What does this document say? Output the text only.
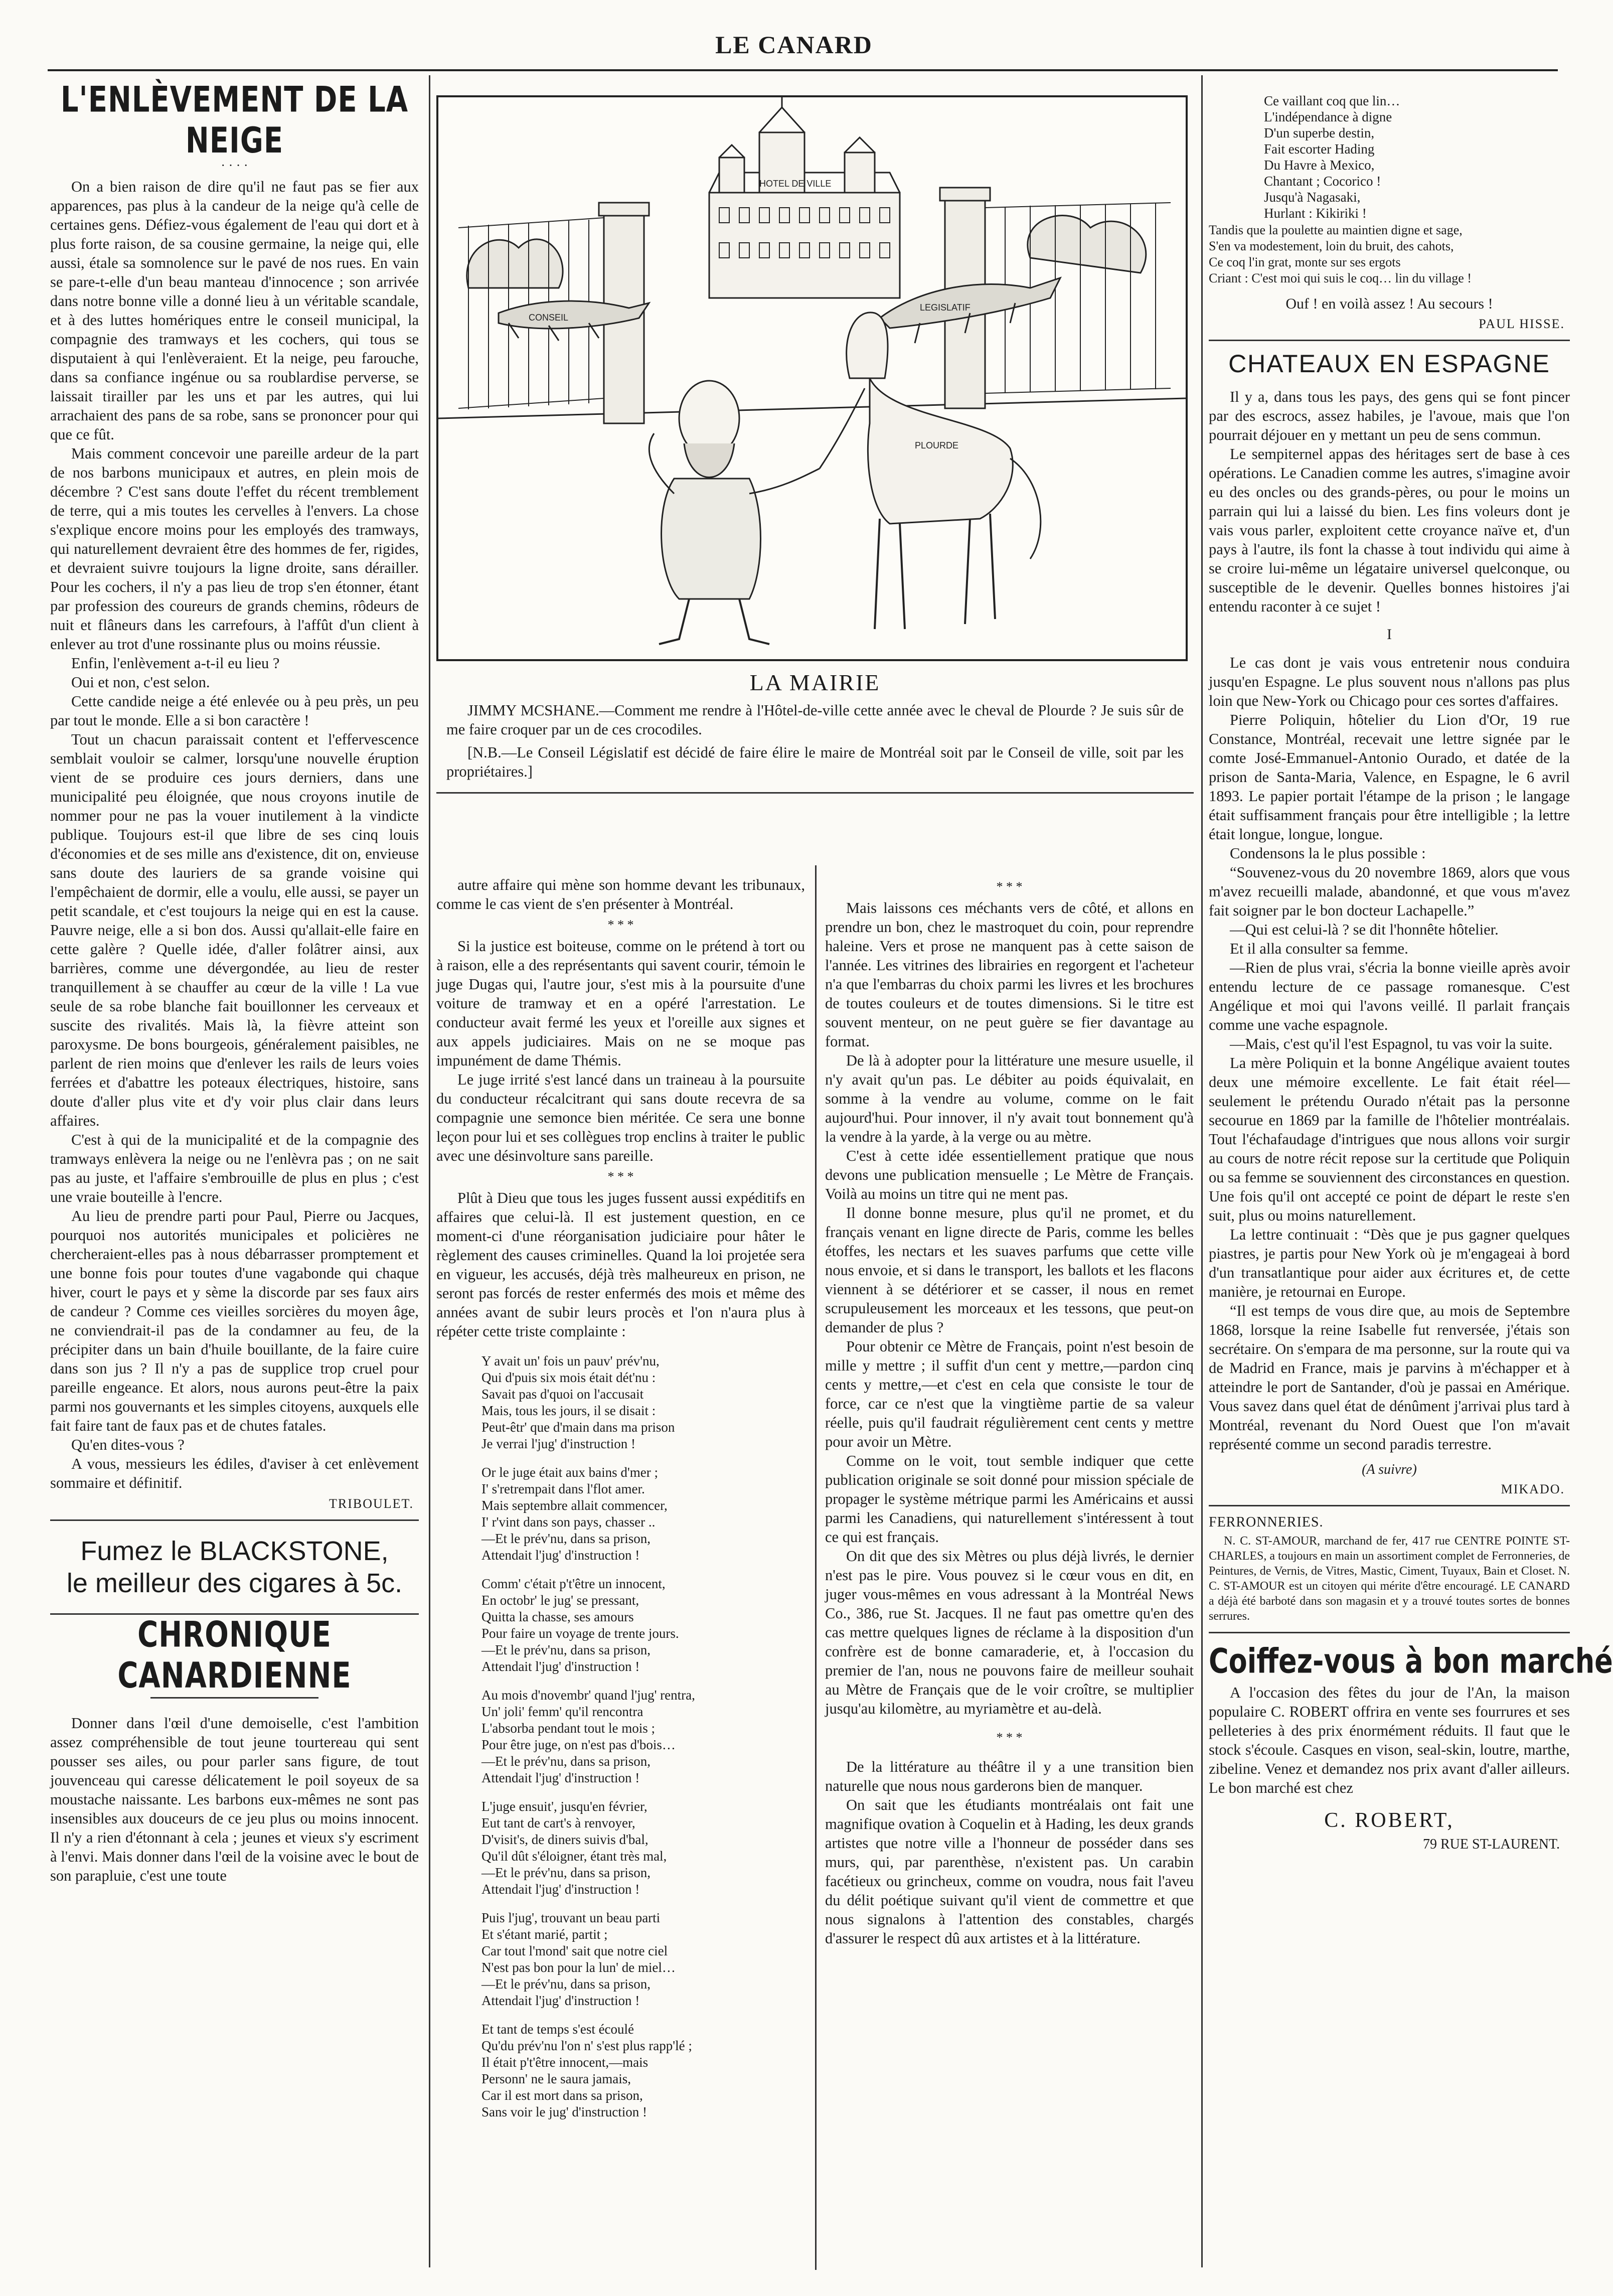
LE CANARD
L'ENLÈVEMENT DE LA NEIGE
· · · ·

On a bien raison de dire qu'il ne faut pas se fier aux apparences, pas plus à la candeur de la neige qu'à celle de certaines gens. Défiez-vous également de l'eau qui dort et à plus forte raison, de sa cousine germaine, la neige qui, elle aussi, étale sa somnolence sur le pavé de nos rues. En vain se pare-t-elle d'un beau manteau d'innocence ; son arrivée dans notre bonne ville a donné lieu à un véritable scandale, et à des luttes homériques entre le conseil municipal, la compagnie des tramways et les cochers, qui tous se disputaient à qui l'enlèveraient. Et la neige, peu farouche, dans sa confiance ingénue ou sa roublardise perverse, se laissait tirailler par les uns et par les autres, qui lui arrachaient des pans de sa robe, sans se prononcer pour qui que ce fût.

Mais comment concevoir une pareille ardeur de la part de nos barbons municipaux et autres, en plein mois de décembre ? C'est sans doute l'effet du récent tremblement de terre, qui a mis toutes les cervelles à l'envers. La chose s'explique encore moins pour les employés des tramways, qui naturellement devraient être des hommes de fer, rigides, et devraient suivre toujours la ligne droite, sans dérailler. Pour les cochers, il n'y a pas lieu de trop s'en étonner, étant par profession des coureurs de grands chemins, rôdeurs de nuit et flâneurs dans les carrefours, à l'affût d'un client à enlever au trot d'une rossinante plus ou moins réussie.

Enfin, l'enlèvement a-t-il eu lieu ?

Oui et non, c'est selon.

Cette candide neige a été enlevée ou à peu près, un peu par tout le monde. Elle a si bon caractère !

Tout un chacun paraissait content et l'effervescence semblait vouloir se calmer, lorsqu'une nouvelle éruption vient de se produire ces jours derniers, dans une municipalité peu éloignée, que nous croyons inutile de nommer pour ne pas la vouer inutilement à la vindicte publique. Toujours est-il que libre de ses cinq louis d'économies et de ses mille ans d'existence, dit on, envieuse sans doute des lauriers de sa grande voisine qui l'empêchaient de dormir, elle a voulu, elle aussi, se payer un petit scandale, et c'est toujours la neige qui en est la cause. Pauvre neige, elle a si bon dos. Aussi qu'allait-elle faire en cette galère ? Quelle idée, d'aller folâtrer ainsi, aux barrières, comme une dévergondée, au lieu de rester tranquillement à se chauffer au cœur de la ville ! La vue seule de sa robe blanche fait bouillonner les cerveaux et suscite des rivalités. Mais là, la fièvre atteint son paroxysme. De bons bourgeois, généralement paisibles, ne parlent de rien moins que d'enlever les rails de leurs voies ferrées et d'abattre les poteaux électriques, histoire, sans doute d'aller plus vite et d'y voir plus clair dans leurs affaires.

C'est à qui de la municipalité et de la compagnie des tramways enlèvera la neige ou ne l'enlèvra pas ; on ne sait pas au juste, et l'affaire s'embrouille de plus en plus ; c'est une vraie bouteille à l'encre.

Au lieu de prendre parti pour Paul, Pierre ou Jacques, pourquoi nos autorités municipales et policières ne chercheraient-elles pas à nous débarrasser promptement et une bonne fois pour toutes d'une vagabonde qui chaque hiver, court le pays et y sème la discorde par ses faux airs de candeur ? Comme ces vieilles sorcières du moyen âge, ne conviendrait-il pas de la condamner au feu, de la précipiter dans un bain d'huile bouillante, de la faire cuire dans son jus ? Il n'y a pas de supplice trop cruel pour pareille engeance. Et alors, nous aurons peut-être la paix parmi nos gouvernants et les simples citoyens, auxquels elle fait faire tant de faux pas et de chutes fatales.

Qu'en dites-vous ?

A vous, messieurs les édiles, d'aviser à cet enlèvement sommaire et définitif.

TRIBOULET.
Fumez le BLACKSTONE,
le meilleur des cigares à 5c.
CHRONIQUE CANARDIENNE

Donner dans l'œil d'une demoiselle, c'est l'ambition assez compréhensible de tout jeune tourtereau qui sent pousser ses ailes, ou pour parler sans figure, de tout jouvenceau qui caresse délicatement le poil soyeux de sa moustache naissante. Les barbons eux-mêmes ne sont pas insensibles aux douceurs de ce jeu plus ou moins innocent. Il n'y a rien d'étonnant à cela ; jeunes et vieux s'y escriment à l'envi. Mais donner dans l'œil de la voisine avec le bout de son parapluie, c'est une toute

HOTEL DE VILLE
CONSEIL
LEGISLATIF
PLOURDE
LA MAIRIE

JIMMY MCSHANE.—Comment me rendre à l'Hôtel-de-ville cette année avec le cheval de Plourde ? Je suis sûr de me faire croquer par un de ces crocodiles.

[N.B.—Le Conseil Législatif est décidé de faire élire le maire de Montréal soit par le Conseil de ville, soit par les propriétaires.]

autre affaire qui mène son homme devant les tribunaux, comme le cas vient de s'en présenter à Montréal.

* * *

Si la justice est boiteuse, comme on le prétend à tort ou à raison, elle a des représentants qui savent courir, témoin le juge Dugas qui, l'autre jour, s'est mis à la poursuite d'une voiture de tramway et en a opéré l'arrestation. Le conducteur avait fermé les yeux et l'oreille aux signes et aux appels judiciaires. Mais on ne se moque pas impunément de dame Thémis.

Le juge irrité s'est lancé dans un traineau à la poursuite du conducteur récalcitrant qui sans doute recevra de sa compagnie une semonce bien méritée. Ce sera une bonne leçon pour lui et ses collègues trop enclins à traiter le public avec une désinvolture sans pareille.

* * *

Plût à Dieu que tous les juges fussent aussi expéditifs en affaires que celui-là. Il est justement question, en ce moment-ci d'une réorganisation judiciaire pour hâter le règlement des causes criminelles. Quand la loi projetée sera en vigueur, les accusés, déjà très malheureux en prison, ne seront pas forcés de rester enfermés des mois et même des années avant de subir leurs procès et l'on n'aura plus à répéter cette triste complainte :

Y avait un' fois un pauv' prév'nu,
Qui d'puis six mois était dét'nu :
Savait pas d'quoi on l'accusait
Mais, tous les jours, il se disait :
Peut-êtr' que d'main dans ma prison
Je verrai l'jug' d'instruction !
Or le juge était aux bains d'mer ;
I' s'retrempait dans l'flot amer.
Mais septembre allait commencer,
I' r'vint dans son pays, chasser ..
—Et le prév'nu, dans sa prison,
Attendait l'jug' d'instruction !
Comm' c'était p't'être un innocent,
En octobr' le jug' se pressant,
Quitta la chasse, ses amours
Pour faire un voyage de trente jours.
—Et le prév'nu, dans sa prison,
Attendait l'jug' d'instruction !
Au mois d'novembr' quand l'jug' rentra,
Un' joli' femm' qu'il rencontra
L'absorba pendant tout le mois ;
Pour être juge, on n'est pas d'bois…
—Et le prév'nu, dans sa prison,
Attendait l'jug' d'instruction !
L'juge ensuit', jusqu'en février,
Eut tant de cart's à renvoyer,
D'visit's, de diners suivis d'bal,
Qu'il dût s'éloigner, étant très mal,
—Et le prév'nu, dans sa prison,
Attendait l'jug' d'instruction !
Puis l'jug', trouvant un beau parti
Et s'étant marié, partit ;
Car tout l'mond' sait que notre ciel
N'est pas bon pour la lun' de miel…
—Et le prév'nu, dans sa prison,
Attendait l'jug' d'instruction !
Et tant de temps s'est écoulé
Qu'du prév'nu l'on n' s'est plus rapp'lé ;
Il était p't'être innocent,—mais
Personn' ne le saura jamais,
Car il est mort dans sa prison,
Sans voir le jug' d'instruction !
* * *

Mais laissons ces méchants vers de côté, et allons en prendre un bon, chez le mastroquet du coin, pour reprendre haleine. Vers et prose ne manquent pas à cette saison de l'année. Les vitrines des librairies en regorgent et l'acheteur n'a que l'embarras du choix parmi les livres et les brochures de toutes couleurs et de toutes dimensions. Si le titre est souvent menteur, on ne peut guère se fier davantage au format.

De là à adopter pour la littérature une mesure usuelle, il n'y avait qu'un pas. Le débiter au poids équivalait, en somme à la vendre au volume, comme on le fait aujourd'hui. Pour innover, il n'y avait tout bonnement qu'à la vendre à la yarde, à la verge ou au mètre.

C'est à cette idée essentiellement pratique que nous devons une publication mensuelle ; Le Mètre de Français. Voilà au moins un titre qui ne ment pas.

Il donne bonne mesure, plus qu'il ne promet, et du français venant en ligne directe de Paris, comme les belles étoffes, les nectars et les suaves parfums que cette ville nous envoie, et si dans le transport, les ballots et les flacons viennent à se détériorer et se casser, il nous en remet scrupuleusement les morceaux et les tessons, que peut-on demander de plus ?

Pour obtenir ce Mètre de Français, point n'est besoin de mille y mettre ; il suffit d'un cent y mettre,—pardon cinq cents y mettre,—et c'est en cela que consiste le tour de force, car ce n'est que la vingtième partie de sa valeur réelle, puis qu'il faudrait régulièrement cent cents y mettre pour avoir un Mètre.

Comme on le voit, tout semble indiquer que cette publication originale se soit donné pour mission spéciale de propager le système métrique parmi les Américains et aussi parmi les Canadiens, qui naturellement s'intéressent à tout ce qui est français.

On dit que des six Mètres ou plus déjà livrés, le dernier n'est pas le pire. Vous pouvez si le cœur vous en dit, en juger vous-mêmes en vous adressant à la Montréal News Co., 386, rue St. Jacques. Il ne faut pas omettre qu'en des cas mettre quelques lignes de réclame à la disposition d'un confrère est de bonne camaraderie, et, à l'occasion du premier de l'an, nous ne pouvons faire de meilleur souhait au Mètre de Français que de le voir croître, se multiplier jusqu'au kilomètre, au myriamètre et au-delà.

* * *

De la littérature au théâtre il y a une transition bien naturelle que nous nous garderons bien de manquer.

On sait que les étudiants montréalais ont fait une magnifique ovation à Coquelin et à Hading, les deux grands artistes que notre ville a l'honneur de posséder dans ses murs, qui, par parenthèse, n'existent pas. Un carabin facétieux ou grincheux, comme on voudra, nous fait l'aveu du délit poétique suivant qu'il vient de commettre et que nous signalons à l'attention des constables, chargés d'assurer le respect dû aux artistes et à la littérature.

Ce vaillant coq que lin…
L'indépendance à digne
D'un superbe destin,
Fait escorter Hading
Du Havre à Mexico,
Chantant ; Cocorico !
Jusqu'à Nagasaki,
Hurlant : Kikiriki !
Tandis que la poulette au maintien digne et sage,
S'en va modestement, loin du bruit, des cahots,
Ce coq l'in grat, monte sur ses ergots
Criant : C'est moi qui suis le coq… lin du village !
Ouf ! en voilà assez ! Au secours !
PAUL HISSE.
CHATEAUX EN ESPAGNE

Il y a, dans tous les pays, des gens qui se font pincer par des escrocs, assez habiles, je l'avoue, mais que l'on pourrait déjouer en y mettant un peu de sens commun.

Le sempiternel appas des héritages sert de base à ces opérations. Le Canadien comme les autres, s'imagine avoir eu des oncles ou des grands-pères, ou pour le moins un parrain qui lui a laissé du bien. Les fins voleurs dont je vais vous parler, exploitent cette croyance naïve et, d'un pays à l'autre, ils font la chasse à tout individu qui aime à se croire lui-même un légataire universel quelconque, ou susceptible de le devenir. Quelles bonnes histoires j'ai entendu raconter à ce sujet !

I

Le cas dont je vais vous entretenir nous conduira jusqu'en Espagne. Le plus souvent nous n'allons pas plus loin que New-York ou Chicago pour ces sortes d'affaires.

Pierre Poliquin, hôtelier du Lion d'Or, 19 rue Constance, Montréal, recevait une lettre signée par le comte José-Emmanuel-Antonio Ourado, et datée de la prison de Santa-Maria, Valence, en Espagne, le 6 avril 1893. Le papier portait l'étampe de la prison ; le langage était suffisamment français pour être intelligible ; la lettre était longue, longue, longue.

Condensons la le plus possible :

“Souvenez-vous du 20 novembre 1869, alors que vous m'avez recueilli malade, abandonné, et que vous m'avez fait soigner par le bon docteur Lachapelle.”

—Qui est celui-là ? se dit l'honnête hôtelier.

Et il alla consulter sa femme.

—Rien de plus vrai, s'écria la bonne vieille après avoir entendu lecture de ce passage romanesque. C'est Angélique et moi qui l'avons veillé. Il parlait français comme une vache espagnole.

—Mais, c'est qu'il l'est Espagnol, tu vas voir la suite.

La mère Poliquin et la bonne Angélique avaient toutes deux une mémoire excellente. Le fait était réel—seulement le prétendu Ourado n'était pas la personne secourue en 1869 par la famille de l'hôtelier montréalais. Tout l'échafaudage d'intrigues que nous allons voir surgir au cours de notre récit repose sur la certitude que Poliquin ou sa femme se souviennent des circonstances en question. Une fois qu'il ont accepté ce point de départ le reste s'en suit, plus ou moins naturellement.

La lettre continuait : “Dès que je pus gagner quelques piastres, je partis pour New York où je m'engageai à bord d'un transatlantique pour aider aux écritures et, de cette manière, je retournai en Europe.

“Il est temps de vous dire que, au mois de Septembre 1868, lorsque la reine Isabelle fut renversée, j'étais son secrétaire. On s'empara de ma personne, sur la route qui va de Madrid en France, mais je parvins à m'échapper et à atteindre le port de Santander, d'où je passai en Amérique. Vous savez dans quel état de dénûment j'arrivai plus tard à Montréal, revenant du Nord Ouest que l'on m'avait représenté comme un second paradis terrestre.

(A suivre)
MIKADO.
FERRONNERIES.

N. C. ST-AMOUR, marchand de fer, 417 rue CENTRE POINTE ST-CHARLES, a toujours en main un assortiment complet de Ferronneries, de Peintures, de Vernis, de Vitres, Mastic, Ciment, Tuyaux, Bain et Closet. N. C. ST-AMOUR est un citoyen qui mérite d'être encouragé. LE CANARD a déjà été barboté dans son magasin et y a trouvé toutes sortes de bonnes serrures.

Coiffez-vous à bon marché

A l'occasion des fêtes du jour de l'An, la maison populaire C. ROBERT offrira en vente ses fourrures et ses pelleteries à des prix énormément réduits. Il faut que le stock s'écoule. Casques en vison, seal-skin, loutre, marthe, zibeline. Venez et demandez nos prix avant d'aller ailleurs. Le bon marché est chez

C. ROBERT,
79 RUE ST-LAURENT.
